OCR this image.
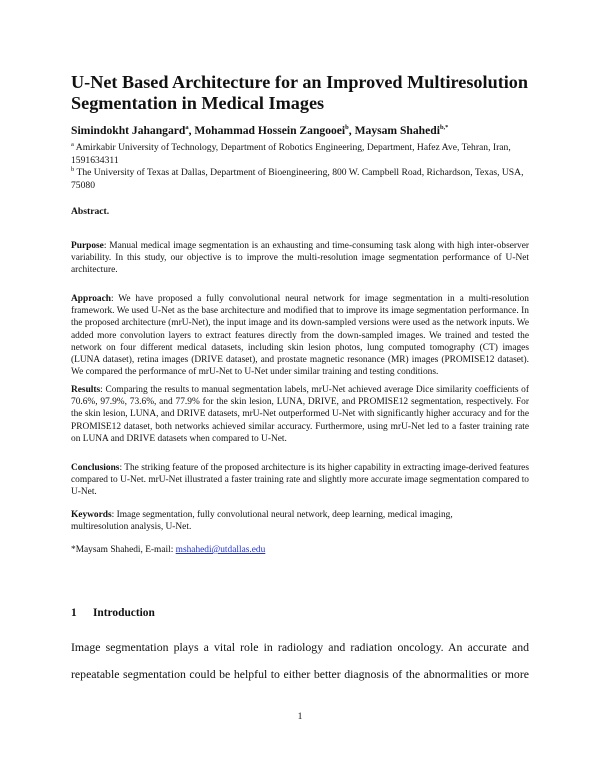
U-Net Based Architecture for an Improved Multiresolution Segmentation in Medical Images
Simindokht Jahangard$^a$, Mohammad Hossein Zangooei$^b$, Maysam Shahedi$^{b,*}$
$^a$ Amirkabir University of Technology, Department of Robotics Engineering, Department, Hafez Ave, Tehran, Iran, 1591634311
$^b$ The University of Texas at Dallas, Department of Bioengineering, 800 W. Campbell Road, Richardson, Texas, USA, 75080
Abstract.
Purpose: Manual medical image segmentation is an exhausting and time-consuming task along with high inter-observer variability. In this study, our objective is to improve the multi-resolution image segmentation performance of U-Net architecture.
Approach: We have proposed a fully convolutional neural network for image segmentation in a multi-resolution framework. We used U-Net as the base architecture and modified that to improve its image segmentation performance. In the proposed architecture (mrU-Net), the input image and its down-sampled versions were used as the network inputs. We added more convolution layers to extract features directly from the down-sampled images. We trained and tested the network on four different medical datasets, including skin lesion photos, lung computed tomography (CT) images (LUNA dataset), retina images (DRIVE dataset), and prostate magnetic resonance (MR) images (PROMISE12 dataset). We compared the performance of mrU-Net to U-Net under similar training and testing conditions.
Results: Comparing the results to manual segmentation labels, mrU-Net achieved average Dice similarity coefficients of 70.6%, 97.9%, 73.6%, and 77.9% for the skin lesion, LUNA, DRIVE, and PROMISE12 segmentation, respectively. For the skin lesion, LUNA, and DRIVE datasets, mrU-Net outperformed U-Net with significantly higher accuracy and for the PROMISE12 dataset, both networks achieved similar accuracy. Furthermore, using mrU-Net led to a faster training rate on LUNA and DRIVE datasets when compared to U-Net.
Conclusions: The striking feature of the proposed architecture is its higher capability in extracting image-derived features compared to U-Net. mrU-Net illustrated a faster training rate and slightly more accurate image segmentation compared to U-Net.
Keywords: Image segmentation, fully convolutional neural network, deep learning, medical imaging, multiresolution analysis, U-Net.
*Maysam Shahedi, E-mail: mshahedi@utdallas.edu
1 Introduction
Image segmentation plays a vital role in radiology and radiation oncology. An accurate and repeatable segmentation could be helpful to either better diagnosis of the abnormalities or more
1
